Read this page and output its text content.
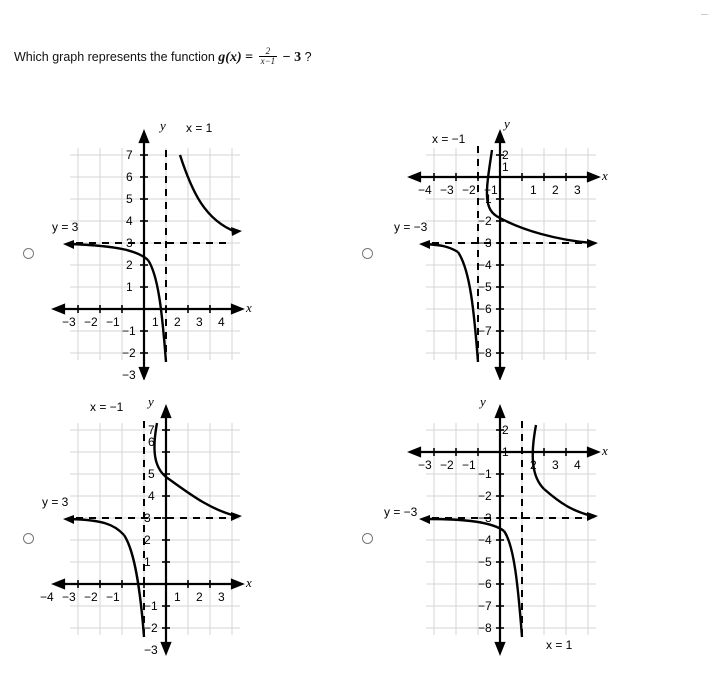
Which graph represents the function $g(x) = \frac{2}{x-1} - 3$ ?
7
6
5
4
3
2
1
−1
−2
−3
−3 −2 −1	1 2 3 4
y
x
x = 1
y = 3
2
1
−1
−2
−3
−4
−5
−6
−7
−8
−4 −3 −2 −1	1 2 3
y
x
x = −1
y = −3
7
6
5
4
3
2
1
−1
−2
−3
−4 −3 −2 −1	1 2 3
y
x
x = −1
y = 3
2
1
−1
−2
−3
−4
−5
−6
−7
−8
−3 −2 −1	2 3 4
y
x
x = 1
y = −3
